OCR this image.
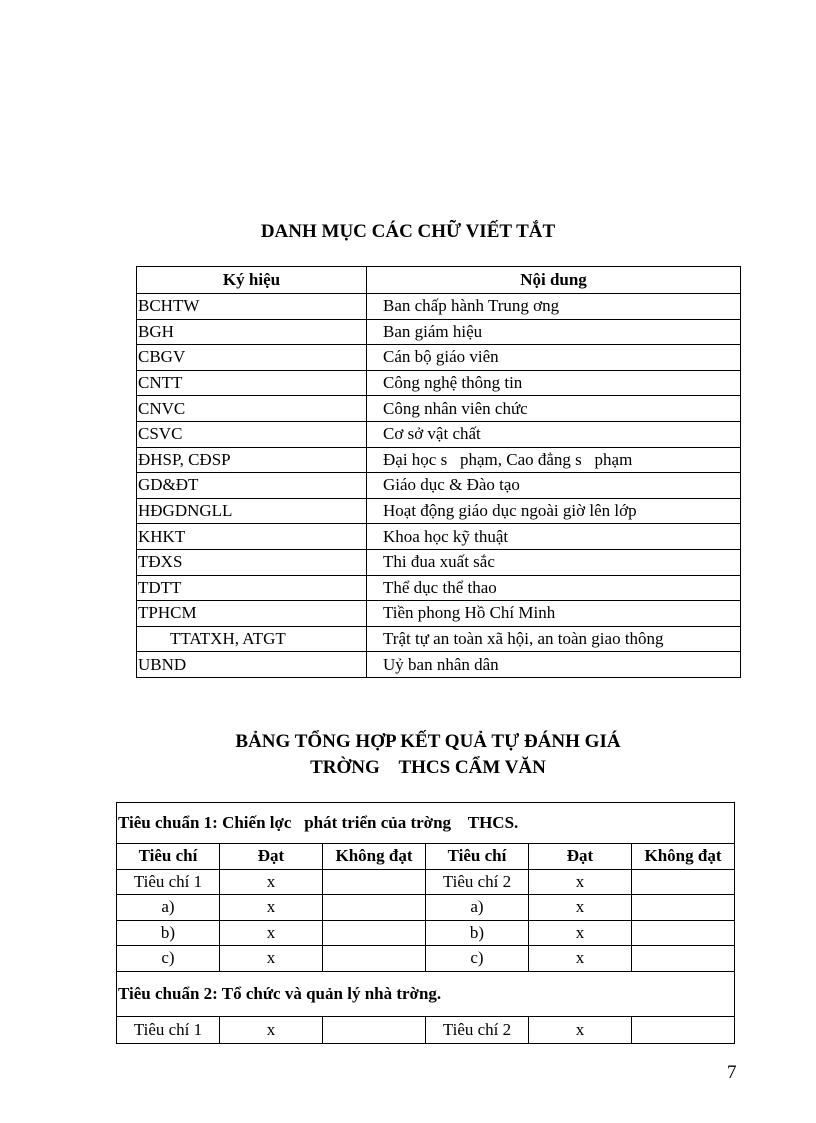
DANH MỤC CÁC CHỮ VIẾT TẮT
Ký hiệu	Nội dung
BCHTW	Ban chấp hành Trung ơng
BGH	Ban giám hiệu
CBGV	Cán bộ giáo viên
CNTT	Công nghệ thông tin
CNVC	Công nhân viên chức
CSVC	Cơ sở vật chất
ĐHSP, CĐSP	Đại học s   phạm, Cao đẳng s   phạm
GD&ĐT	Giáo dục & Đào tạo
HĐGDNGLL	Hoạt động giáo dục ngoài giờ lên lớp
KHKT	Khoa học kỹ thuật
TĐXS	Thi đua xuất sắc
TDTT	Thể dục thể thao
TPHCM	Tiền phong Hồ Chí Minh
TTATXH, ATGT	Trật tự an toàn xã hội, an toàn giao thông
UBND	Uỷ ban nhân dân
BẢNG TỔNG HỢP KẾT QUẢ TỰ ĐÁNH GIÁ
TRỜNG    THCS CẨM VĂN
Tiêu chuẩn 1: Chiến lợc   phát triển của trờng    THCS.					
Tiêu chí	Đạt	Không đạt	Tiêu chí	Đạt	Không đạt
Tiêu chí 1	x		Tiêu chí 2	x	
a)	x		a)	x	
b)	x		b)	x	
c)	x		c)	x	
Tiêu chuẩn 2: Tổ chức và quản lý nhà trờng.					
Tiêu chí 1	x		Tiêu chí 2	x	
7
